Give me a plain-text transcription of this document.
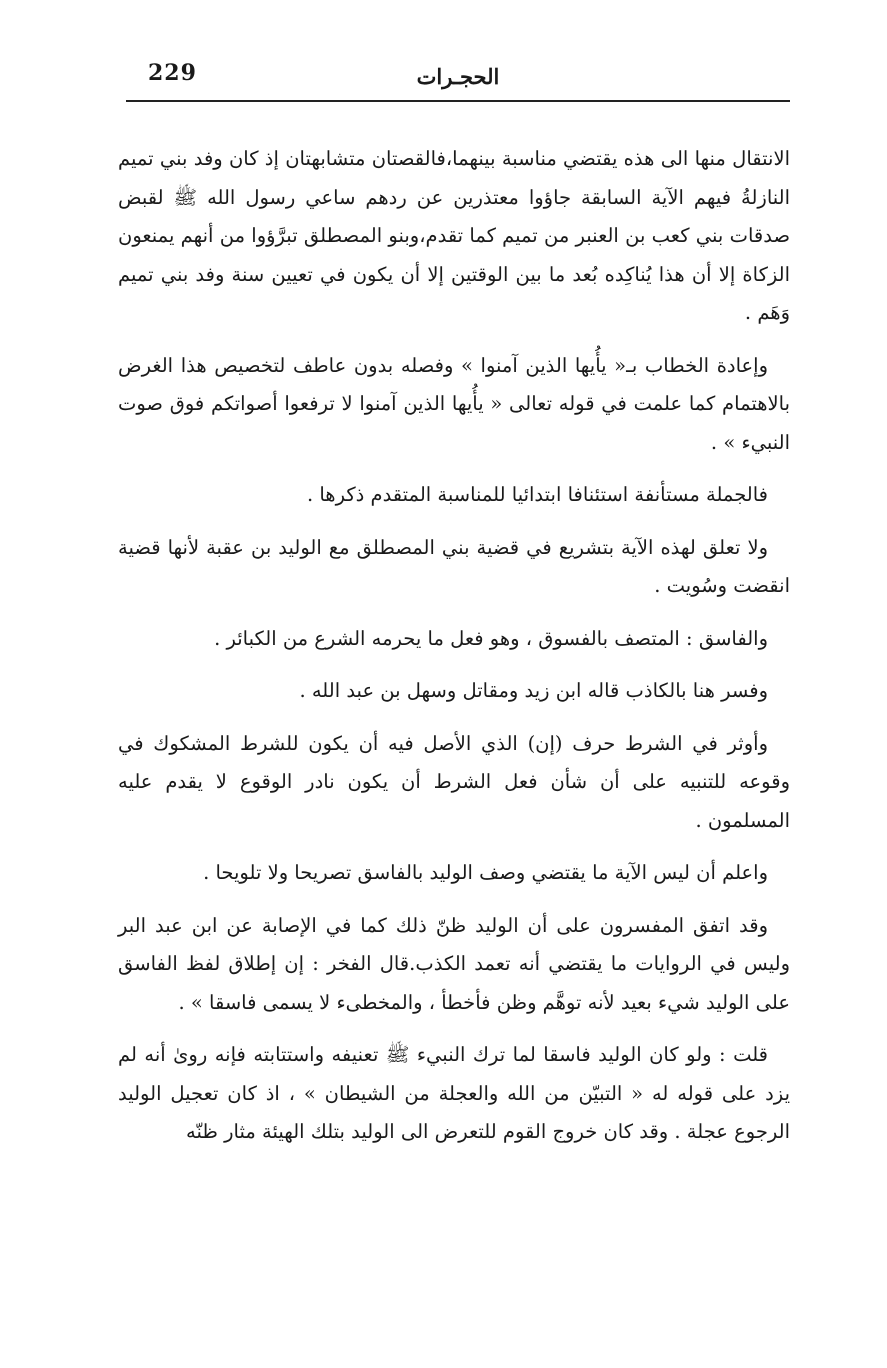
229	الحجـرات

الانتقال منها الى هذه يقتضي مناسبة بينهما،فالقصتان متشابهتان إذ كان وفد بني تميم النازلةُ فيهم الآية السابقة جاؤوا معتذرين عن ردهم ساعي رسول الله ﷺ لقبض صدقات بني كعب بن العنبر من تميم كما تقدم،وبنو المصطلق تبرَّؤوا من أنهم يمنعون الزكاة إلا أن هذا يُناكِده بُعد ما بين الوقتين إلا أن يكون في تعيين سنة وفد بني تميم وَهَم .

وإعادة الخطاب بـ« يأُيها الذين آمنوا » وفصله بدون عاطف لتخصيص هذا الغرض بالاهتمام كما علمت في قوله تعالى « يأُيها الذين آمنوا لا ترفعوا أصواتكم فوق صوت النبيء » .

فالجملة مستأنفة استئنافا ابتدائيا للمناسبة المتقدم ذكرها .

ولا تعلق لهذه الآية بتشريع في قضية بني المصطلق مع الوليد بن عقبة لأنها قضية انقضت وسُويت .

والفاسق : المتصف بالفسوق ، وهو فعل ما يحرمه الشرع من الكبائر .

وفسر هنا بالكاذب قاله ابن زيد ومقاتل وسهل بن عبد الله .

وأوثر في الشرط حرف (إن) الذي الأصل فيه أن يكون للشرط المشكوك في وقوعه للتنبيه على أن شأن فعل الشرط أن يكون نادر الوقوع لا يقدم عليه المسلمون .

واعلم أن ليس الآية ما يقتضي وصف الوليد بالفاسق تصريحا ولا تلويحا .

وقد اتفق المفسرون على أن الوليد ظنّ ذلك كما في الإصابة عن ابن عبد البر وليس في الروايات ما يقتضي أنه تعمد الكذب.قال الفخر : إن إطلاق لفظ الفاسق على الوليد شيء بعيد لأنه توهَّم وظن فأخطأ ، والمخطىء لا يسمى فاسقا » .

قلت : ولو كان الوليد فاسقا لما ترك النبيء ﷺ تعنيفه واستتابته فإنه روىٰ أنه لم يزد على قوله له « التبيّن من الله والعجلة من الشيطان » ، اذ كان تعجيل الوليد الرجوع عجلة . وقد كان خروج القوم للتعرض الى الوليد بتلك الهيئة مثار ظنّه
